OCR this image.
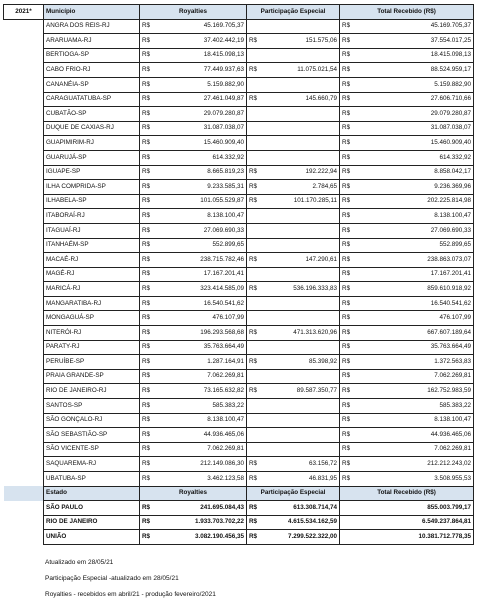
2021*	Município	Royalties		Participação Especial		Total Recebido (R$)	
	ANGRA DOS REIS-RJ	R$	45.169.705,37			R$	45.169.705,37
	ARARUAMA-RJ	R$	37.402.442,19	R$	151.575,06	R$	37.554.017,25
	BERTIOGA-SP	R$	18.415.098,13			R$	18.415.098,13
	CABO FRIO-RJ	R$	77.449.937,63	R$	11.075.021,54	R$	88.524.959,17
	CANANÉIA-SP	R$	5.159.882,90			R$	5.159.882,90
	CARAGUATATUBA-SP	R$	27.461.049,87	R$	145.660,79	R$	27.606.710,66
	CUBATÃO-SP	R$	29.079.280,87			R$	29.079.280,87
	DUQUE DE CAXIAS-RJ	R$	31.087.038,07			R$	31.087.038,07
	GUAPIMIRIM-RJ	R$	15.460.909,40			R$	15.460.909,40
	GUARUJÁ-SP	R$	614.332,92			R$	614.332,92
	IGUAPE-SP	R$	8.665.819,23	R$	192.222,94	R$	8.858.042,17
	ILHA COMPRIDA-SP	R$	9.233.585,31	R$	2.784,65	R$	9.236.369,96
	ILHABELA-SP	R$	101.055.529,87	R$	101.170.285,11	R$	202.225.814,98
	ITABORAÍ-RJ	R$	8.138.100,47			R$	8.138.100,47
	ITAGUAÍ-RJ	R$	27.069.690,33			R$	27.069.690,33
	ITANHAÉM-SP	R$	552.899,65			R$	552.899,65
	MACAÉ-RJ	R$	238.715.782,46	R$	147.290,61	R$	238.863.073,07
	MAGÉ-RJ	R$	17.167.201,41			R$	17.167.201,41
	MARICÁ-RJ	R$	323.414.585,09	R$	536.196.333,83	R$	859.610.918,92
	MANGARATIBA-RJ	R$	16.540.541,62			R$	16.540.541,62
	MONGAGUÁ-SP	R$	476.107,99			R$	476.107,99
	NITERÓI-RJ	R$	196.293.568,68	R$	471.313.620,96	R$	667.607.189,64
	PARATY-RJ	R$	35.763.664,49			R$	35.763.664,49
	PERUÍBE-SP	R$	1.287.164,91	R$	85.398,92	R$	1.372.563,83
	PRAIA GRANDE-SP	R$	7.062.269,81			R$	7.062.269,81
	RIO DE JANEIRO-RJ	R$	73.165.632,82	R$	89.587.350,77	R$	162.752.983,59
	SANTOS-SP	R$	585.383,22			R$	585.383,22
	SÃO GONÇALO-RJ	R$	8.138.100,47			R$	8.138.100,47
	SÃO SEBASTIÃO-SP	R$	44.936.465,06			R$	44.936.465,06
	SÃO VICENTE-SP	R$	7.062.269,81			R$	7.062.269,81
	SAQUAREMA-RJ	R$	212.149.086,30	R$	63.156,72	R$	212.212.243,02
	UBATUBA-SP	R$	3.462.123,58	R$	46.831,95	R$	3.508.955,53
	Estado	Royalties		Participação Especial		Total Recebido (R$)	
	SÃO PAULO	R$	241.695.084,43	R$	613.308.714,74		855.003.799,17
	RIO DE JANEIRO	R$	1.933.703.702,22	R$	4.615.534.162,59		6.549.237.864,81
	UNIÃO	R$	3.082.190.456,35	R$	7.299.522.322,00		10.381.712.778,35
Atualizado em 28/05/21
Participação Especial -atualizado em 28/05/21
Royalties - recebidos em abril/21 - produção fevereiro/2021
